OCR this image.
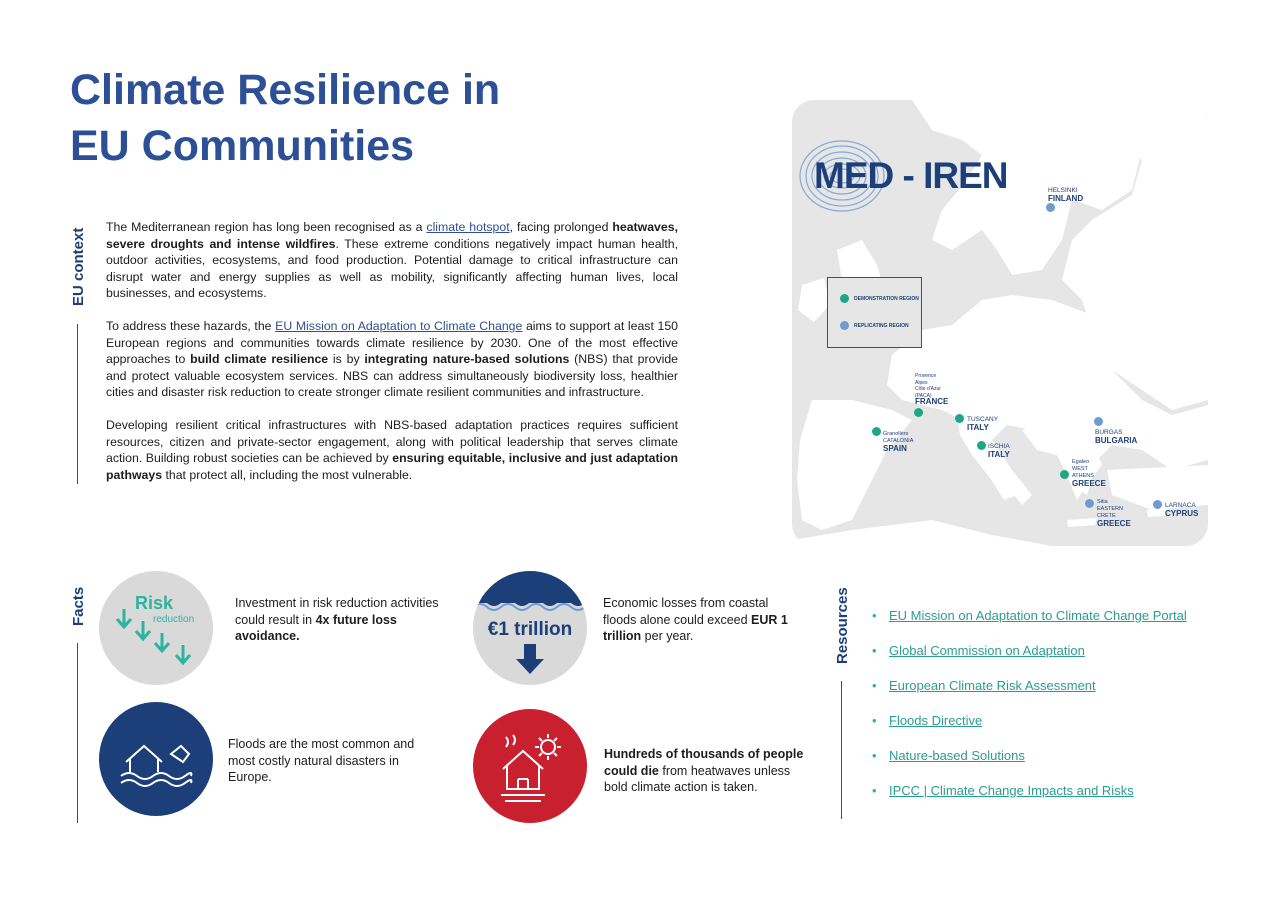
Climate Resilience in
EU Communities
EU context

The Mediterranean region has long been recognised as a climate hotspot, facing prolonged heatwaves, severe droughts and intense wildfires. These extreme conditions negatively impact human health, outdoor activities, ecosystems, and food production. Potential damage to critical infrastructure can disrupt water and energy supplies as well as mobility, significantly affecting human lives, local businesses, and ecosystems.

To address these hazards, the EU Mission on Adaptation to Climate Change aims to support at least 150 European regions and communities towards climate resilience by 2030. One of the most effective approaches to build climate resilience is by integrating nature-based solutions (NBS) that provide and protect valuable ecosystem services. NBS can address simultaneously biodiversity loss, healthier cities and disaster risk reduction to create stronger climate resilient communities and infrastructure.

Developing resilient critical infrastructures with NBS-based adaptation practices requires sufficient resources, citizen and private-sector engagement, along with political leadership that serves climate action. Building robust societies can be achieved by ensuring equitable, inclusive and just adaptation pathways that protect all, including the most vulnerable.

MED - IREN
DEMONSTRATION REGION
REPLICATING REGION
HELSINKI
FINLAND
Provence
Alpes
Côte d'Azur
(PACA)
FRANCE
Granollers
CATALONIA
SPAIN
TUSCANY
ITALY
ISCHIA
ITALY
BURGAS
BULGARIA
Egaleo
WEST
ATHENS
GREECE
Sitia
EASTERN
CRETE
GREECE
LARNACA
CYPRUS
Facts	Risk
reduction
Investment in risk reduction activities could result in 4x future loss avoidance.	€1 trillion
Economic losses from coastal floods alone could exceed EUR 1 trillion per year.
Floods are the most common and most costly natural disasters in Europe.
Hundreds of thousands of people could die from heatwaves unless bold climate action is taken.
Resources	EU Mission on Adaptation to Climate Change Portal
Global Commission on Adaptation
European Climate Risk Assessment
Floods Directive
Nature-based Solutions
IPCC | Climate Change Impacts and Risks
